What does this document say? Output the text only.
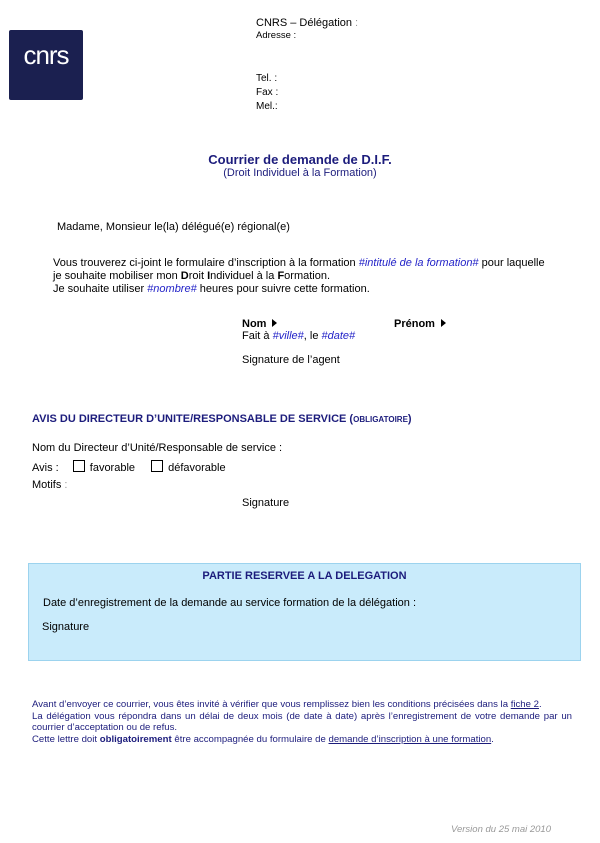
cnrs
CNRS – Délégation :
Adresse :
Tel. :
Fax :
Mel.:
Courrier de demande de D.I.F.
(Droit Individuel à la Formation)
Madame, Monsieur le(la) délégué(e) régional(e)
Vous trouverez ci-joint le formulaire d’inscription à la formation #intitulé de la formation# pour laquelle
je souhaite mobiliser mon Droit Individuel à la Formation.
Je souhaite utiliser #nombre# heures pour suivre cette formation.
Nom	Prénom
Fait à #ville#, le #date#
Signature de l’agent
AVIS DU DIRECTEUR D’UNITE/RESPONSABLE DE SERVICE (OBLIGATOIRE)
Nom du Directeur d’Unité/Responsable de service :
Avis :	favorable	défavorable
Motifs :
Signature
PARTIE RESERVEE A LA DELEGATION
Date d’enregistrement de la demande au service formation de la délégation :
Signature
Avant d’envoyer ce courrier, vous êtes invité à vérifier que vous remplissez bien les conditions précisées dans la fiche 2.
La délégation vous répondra dans un délai de deux mois (de date à date) après l’enregistrement de votre demande par un courrier d’acceptation ou de refus.
Cette lettre doit obligatoirement être accompagnée du formulaire de demande d’inscription à une formation.
Version du 25 mai 2010
